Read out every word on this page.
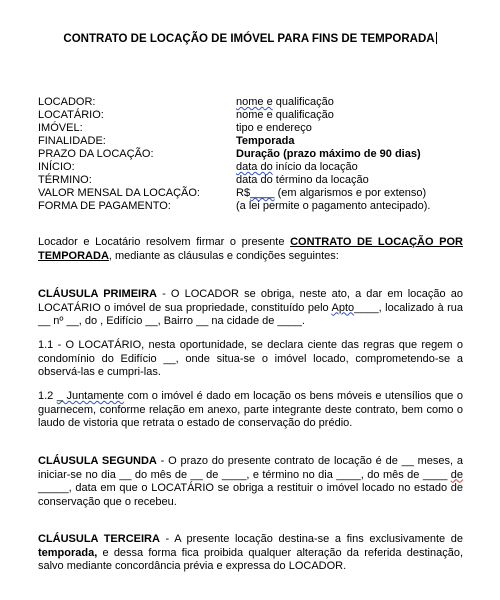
CONTRATO DE LOCAÇÃO DE IMÓVEL PARA FINS DE TEMPORADA
LOCADOR:	nome e qualificação
LOCATÁRIO:	nome e qualificação
IMÓVEL:	tipo e endereço
FINALIDADE:	Temporada
PRAZO DA LOCAÇÃO:	Duração (prazo máximo de 90 dias)
INÍCIO:	data do início da locação
TÉRMINO:	data do término da locação
VALOR MENSAL DA LOCAÇÃO:	R$____ (em algarismos e por extenso)
FORMA DE PAGAMENTO:	(a lei permite o pagamento antecipado).
Locador e Locatário resolvem firmar o presente CONTRATO DE LOCAÇÃO POR TEMPORADA, mediante as cláusulas e condições seguintes:
CLÁUSULA PRIMEIRA - O LOCADOR se obriga, neste ato, a dar em locação ao LOCATÁRIO o imóvel de sua propriedade, constituído pelo Apto____, localizado à rua __ nº __, do , Edifício __, Bairro __ na cidade de ____.
1.1 - O LOCATÁRIO, nesta oportunidade, se declara ciente das regras que regem o condomínio do Edifício __, onde situa-se o imóvel locado, comprometendo-se a observá-las e cumpri-las.
1.2 _ Juntamente com o imóvel é dado em locação os bens móveis e utensílios que o guarnecem, conforme relação em anexo, parte integrante deste contrato, bem como o laudo de vistoria que retrata o estado de conservação do prédio.
CLÁUSULA SEGUNDA - O prazo do presente contrato de locação é de __ meses, a iniciar-se no dia __ do mês de __ de ____, e término no dia ____, do mês de ____ de _____, data em que o LOCATÁRIO se obriga a restituir o imóvel locado no estado de conservação que o recebeu.
CLÁUSULA TERCEIRA - A presente locação destina-se a fins exclusivamente de temporada, e dessa forma fica proibida qualquer alteração da referida destinação, salvo mediante concordância prévia e expressa do LOCADOR.
